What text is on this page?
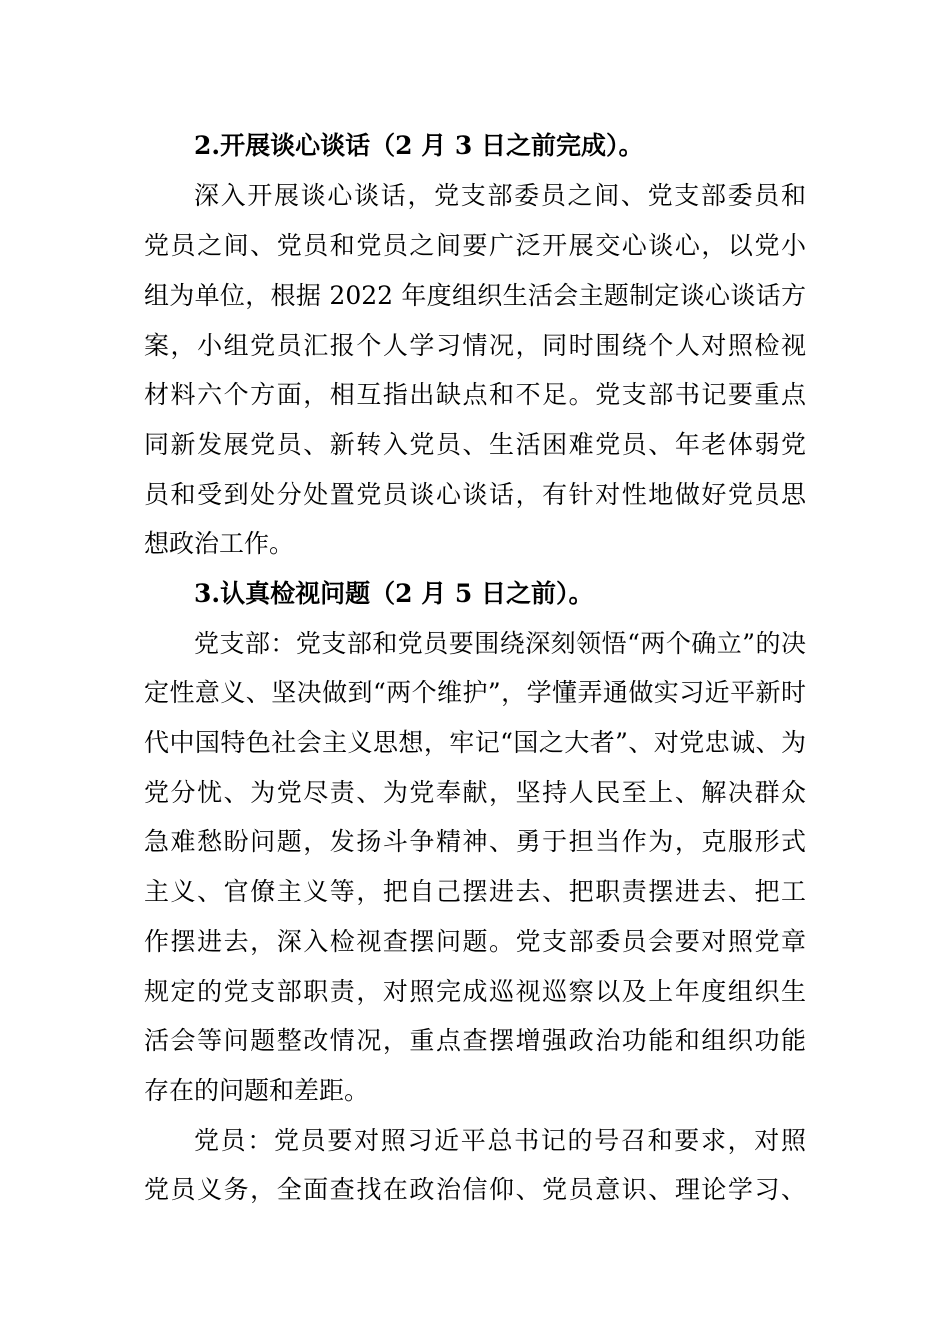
2.开展谈心谈话（2 月 3 日之前完成）。
深入开展谈心谈话，党支部委员之间、党支部委员和
党员之间、党员和党员之间要广泛开展交心谈心，以党小
组为单位，根据 2022 年度组织生活会主题制定谈心谈话方
案，小组党员汇报个人学习情况，同时围绕个人对照检视
材料六个方面，相互指出缺点和不足。党支部书记要重点
同新发展党员、新转入党员、生活困难党员、年老体弱党
员和受到处分处置党员谈心谈话，有针对性地做好党员思
想政治工作。
3.认真检视问题（2 月 5 日之前）。
党支部：党支部和党员要围绕深刻领悟“两个确立”的决
定性意义、坚决做到“两个维护”，学懂弄通做实习近平新时
代中国特色社会主义思想，牢记“国之大者”、对党忠诚、为
党分忧、为党尽责、为党奉献，坚持人民至上、解决群众
急难愁盼问题，发扬斗争精神、勇于担当作为，克服形式
主义、官僚主义等，把自己摆进去、把职责摆进去、把工
作摆进去，深入检视查摆问题。党支部委员会要对照党章
规定的党支部职责，对照完成巡视巡察以及上年度组织生
活会等问题整改情况，重点查摆增强政治功能和组织功能
存在的问题和差距。
党员：党员要对照习近平总书记的号召和要求，对照
党员义务，全面查找在政治信仰、党员意识、理论学习、
